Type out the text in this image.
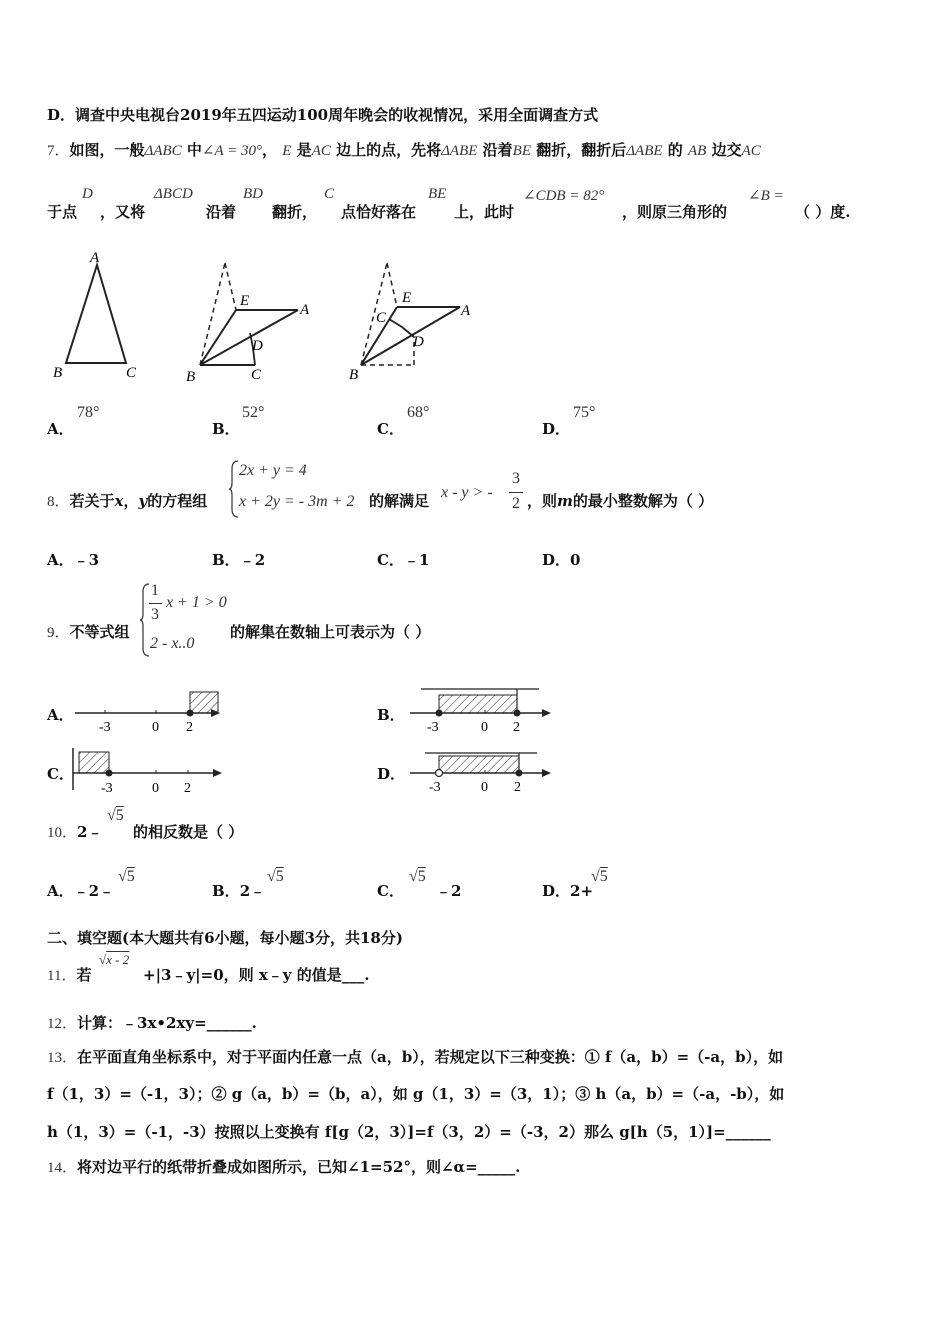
D．调查中央电视台2019年五四运动100周年晚会的收视情况，采用全面调查方式
7．如图，一般ΔABC 中∠A = 30°， E 是AC 边上的点，先将ΔABE 沿着BE 翻折，翻折后ΔABE 的 AB 边交AC
于点
D
，又将
ΔBCD
沿着
BD
翻折，
C
点恰好落在
BE
上，此时
∠CDB = 82°
，则原三角形的
∠B =
（ ）度.
A
B	C
E
A
D
B	C
E
A
C
D
B
A．
78°
B．
52°
C．
68°
D．
75°
8．若关于x，y的方程组
2x + y = 4
x + 2y = - 3m + 2 的解满足 x - y > -
3
2 ，则m的最小整数解为（ ）
A．﹣3	B．﹣2	C．﹣1	D．0
9．不等式组
1
3
x + 1 > 0
2 - x..0
的解集在数轴上可表示为（ ）
A．
-3	0 2
B．
-3	0 2
C．
-3	0 2
D．
-3	0 2
10．2﹣
√5
的相反数是（ ）
A．﹣2﹣
√5
B．2﹣
√5
C．
√5
﹣2	D．2+
√5
二、填空题(本大题共有6小题，每小题3分，共18分)
11．若
√x - 2
+|3﹣y|=0，则 x﹣y 的值是___.
12．计算：﹣3x•2xy=______.
13．在平面直角坐标系中，对于平面内任意一点（a，b），若规定以下三种变换：① f（a，b）=（-a，b），如
f（1，3）=（-1，3）；② g（a，b）=（b，a），如 g（1，3）=（3，1）；③ h（a，b）=（-a，-b），如
h（1，3）=（-1，-3）按照以上变换有 f[g（2，3）]=f（3，2）=（-3，2）那么 g[h（5，1）]=______
14．将对边平行的纸带折叠成如图所示，已知∠1=52°，则∠α=_____.
